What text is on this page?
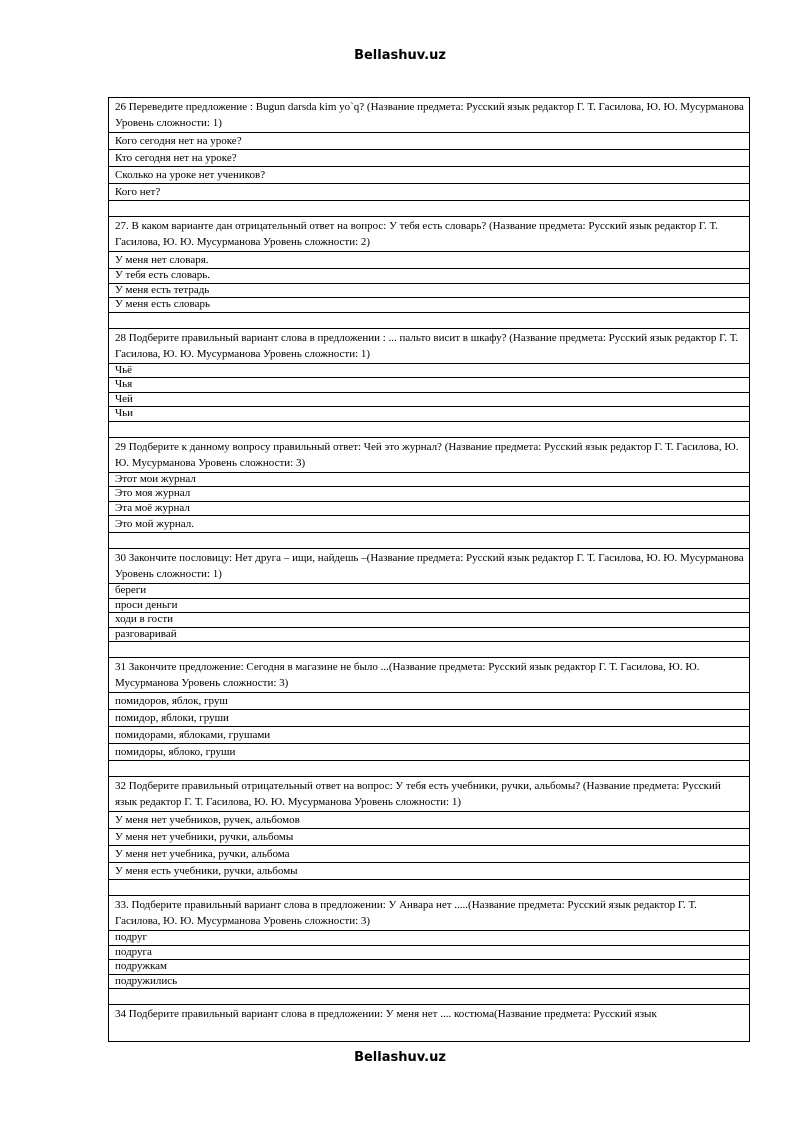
Bellashuv.uz
26 Переведите предложение : Bugun darsda kim yo`q? (Название предмета: Русский язык редактор Г. Т. Гасилова, Ю. Ю. Мусурманова Уровень сложности: 1)
Кого сегодня нет на уроке?
Кто сегодня нет на уроке?
Сколько на уроке нет учеников?
Кого нет?
27. В каком варианте дан отрицательный ответ на вопрос: У тебя есть словарь? (Название предмета: Русский язык редактор Г. Т. Гасилова, Ю. Ю. Мусурманова Уровень сложности: 2)
У меня нет словаря.
У тебя есть словарь.
У меня есть тетрадь
У меня есть словарь
28 Подберите правильный вариант слова в предложении : ... пальто висит в шкафу? (Название предмета: Русский язык редактор Г. Т. Гасилова, Ю. Ю. Мусурманова Уровень сложности: 1)
Чьё
Чья
Чей
Чьи
29 Подберите к данному вопросу правильный ответ: Чей это журнал? (Название предмета: Русский язык редактор Г. Т. Гасилова, Ю. Ю. Мусурманова Уровень сложности: 3)
Этот мои журнал
Это моя журнал
Эта моё журнал
Это мой журнал.
30 Закончите пословицу: Нет друга – ищи, найдешь –(Название предмета: Русский язык редактор Г. Т. Гасилова, Ю. Ю. Мусурманова Уровень сложности: 1)
береги
проси деньги
ходи в гости
разговаривай
31 Закончите предложение: Сегодня в магазине не было ...(Название предмета: Русский язык редактор Г. Т. Гасилова, Ю. Ю. Мусурманова Уровень сложности: 3)
помидоров, яблок, груш
помидор, яблоки, груши
помидорами, яблоками, грушами
помидоры, яблоко, груши
32 Подберите правильный отрицательный ответ на вопрос: У тебя есть учебники, ручки, альбомы? (Название предмета: Русский язык редактор Г. Т. Гасилова, Ю. Ю. Мусурманова Уровень сложности: 1)
У меня нет учебников, ручек, альбомов
У меня нет учебники, ручки, альбомы
У меня нет учебника, ручки, альбома
У меня есть учебники, ручки, альбомы
33. Подберите правильный вариант слова в предложении: У Анвара нет .....(Название предмета: Русский язык редактор Г. Т. Гасилова, Ю. Ю. Мусурманова Уровень сложности: 3)
подруг
подруга
подружкам
подружились
34 Подберите правильный вариант слова в предложении: У меня нет .... костюма(Название предмета: Русский язык
Bellashuv.uz
